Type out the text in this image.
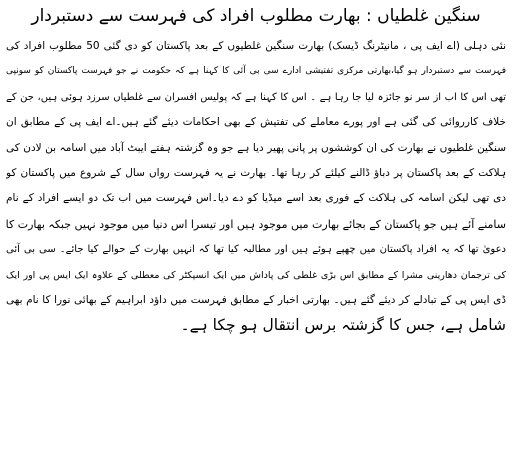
سنگین غلطیاں : بھارت مطلوب افراد کی فہرست سے دستبردار
نئی دہلی (اے ایف پی ، مانیٹرنگ ڈیسک) بھارت سنگین غلطیوں کے بعد پاکستان کو دی گئی 50 مطلوب افراد کی
فہرست سے دستبردار ہو گیا،بھارتی مرکزی تفتیشی ادارے سی بی آئی کا کہنا ہے کہ حکومت نے جو فہرست پاکستان کو سونپی
تھی اس کا اب از سر نو جائزہ لیا جا رہا ہے ۔ اس کا کہنا ہے کہ پولیس افسران سے غلطیاں سرزد ہوئی ہیں، جن کے
خلاف کارروائی کی گئی ہے اور پورے معاملے کی تفتیش کے بھی احکامات دیئے گئے ہیں۔اے ایف پی کے مطابق ان
سنگین غلطیوں نے بھارت کی ان کوششوں پر پانی پھیر دیا ہے جو وہ گزشتہ ہفتے ایبٹ آباد میں اسامہ بن لادن کی
ہلاکت کے بعد پاکستان پر دباؤ ڈالنے کیلئے کر رہا تھا۔ بھارت نے یہ فہرست رواں سال کے شروع میں پاکستان کو
دی تھی لیکن اسامہ کی ہلاکت کے فوری بعد اسے میڈیا کو دے دیا۔اس فہرست میں اب تک دو ایسے افراد کے نام
سامنے آئے ہیں جو پاکستان کے بجائے بھارت میں موجود ہیں اور تیسرا اس دنیا میں موجود نہیں جبکہ بھارت کا
دعویٰ تھا کہ یہ افراد پاکستان میں چھپے ہوئے ہیں اور مطالبہ کیا تھا کہ انہیں بھارت کے حوالے کیا جائے۔ سی بی آئی
کی ترجمان دھارینی مشرا کے مطابق اس بڑی غلطی کی پاداش میں ایک انسپکٹر کی معطلی کے علاوہ ایک ایس پی اور ایک
ڈی ایس پی کے تبادلے کر دیئے گئے ہیں۔ بھارتی اخبار کے مطابق فہرست میں داؤد ابراہیم کے بھائی نورا کا نام بھی
شامل ہے، جس کا گزشتہ برس انتقال ہو چکا ہے۔
